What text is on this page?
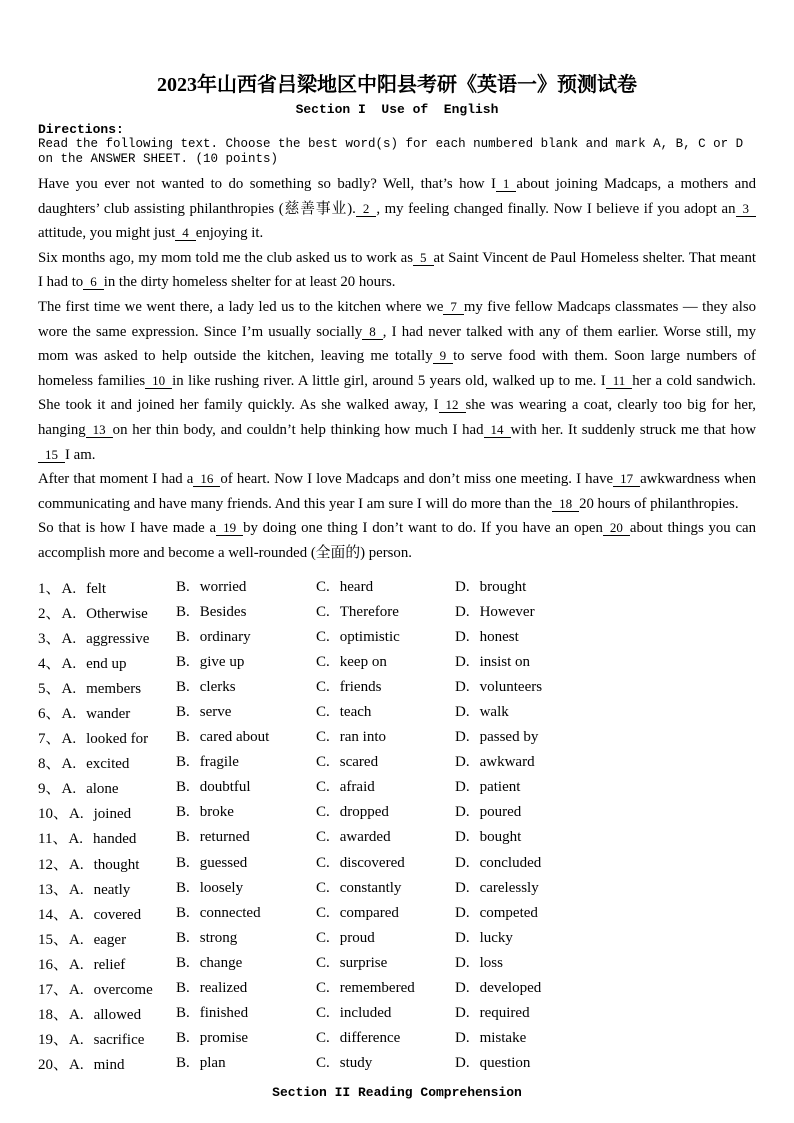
2023年山西省吕梁地区中阳县考研《英语一》预测试卷
Section I  Use of  English
Directions:
Read the following text. Choose the best word(s) for each numbered blank and mark A, B, C or D on the ANSWER SHEET. (10 points)

Have you ever not wanted to do something so badly? Well, that’s how I 1 about joining Madcaps, a mothers and daughters’ club assisting philanthropies (慈善事业). 2 , my feeling changed finally. Now I believe if you adopt an 3attitude, you might just 4 enjoying it.

Six months ago, my mom told me the club asked us to work as 5 at Saint Vincent de Paul Homeless shelter. That meant I had to 6 in the dirty homeless shelter for at least 20 hours.

The first time we went there, a lady led us to the kitchen where we 7 my five fellow Madcaps classmates — they also wore the same expression. Since I’m usually socially 8 , I had never talked with any of them earlier. Worse still, my mom was asked to help outside the kitchen, leaving me totally 9 to serve food with them. Soon large numbers of homeless families 10 in like rushing river. A little girl, around 5 years old, walked up to me. I 11 her a cold sandwich. She took it and joined her family quickly. As she walked away, I 12 she was wearing a coat, clearly too big for her, hanging 13 on her thin body, and couldn’t help thinking how much I had 14 with her. It suddenly struck me that how15 I am.

After that moment I had a 16 of heart. Now I love Madcaps and don’t miss one meeting. I have 17 awkwardness when communicating and have many friends. And this year I am sure I will do more than the 18 20 hours of philanthropies.

So that is how I have made a 19 by doing one thing I don’t want to do. If you have an open 20 about things you can accomplish more and become a well-rounded (全面的) person.

1、A. felt	B. worried	C. heard	D. brought
2、A. Otherwise	B. Besides	C. Therefore	D. However
3、A. aggressive	B. ordinary	C. optimistic	D. honest
4、A. end up	B. give up	C. keep on	D. insist on
5、A. members	B. clerks	C. friends	D. volunteers
6、A. wander	B. serve	C. teach	D. walk
7、A. looked for	B. cared about	C. ran into	D. passed by
8、A. excited	B. fragile	C. scared	D. awkward
9、A. alone	B. doubtful	C. afraid	D. patient
10、A. joined	B. broke	C. dropped	D. poured
11、A. handed	B. returned	C. awarded	D. bought
12、A. thought	B. guessed	C. discovered	D. concluded
13、A. neatly	B. loosely	C. constantly	D. carelessly
14、A. covered	B. connected	C. compared	D. competed
15、A. eager	B. strong	C. proud	D. lucky
16、A. relief	B. change	C. surprise	D. loss
17、A. overcome	B. realized	C. remembered	D. developed
18、A. allowed	B. finished	C. included	D. required
19、A. sacrifice	B. promise	C. difference	D. mistake
20、A. mind	B. plan	C. study	D. question
Section II Reading Comprehension
